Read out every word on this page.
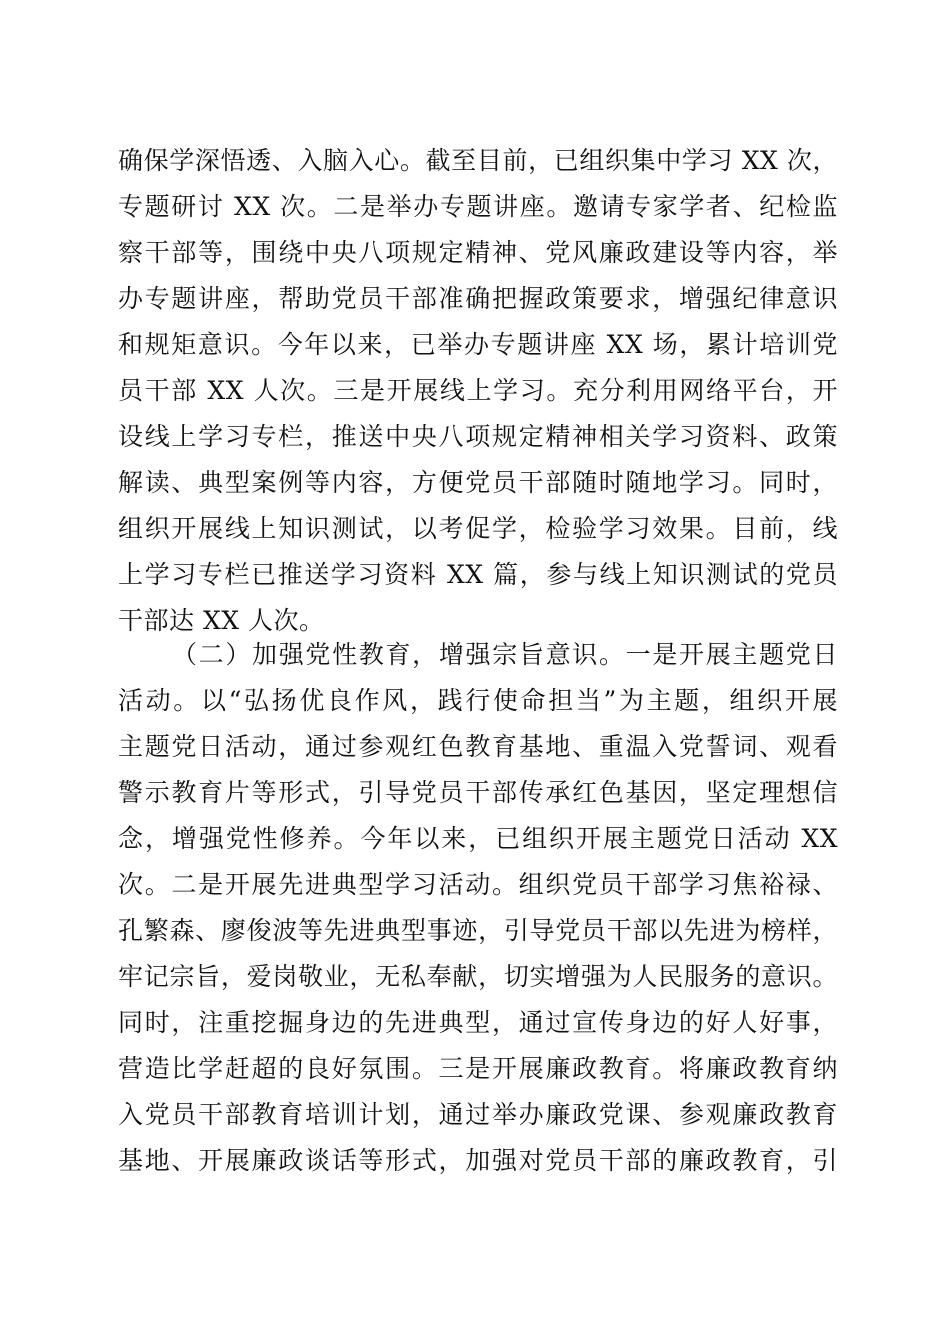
确保学深悟透、入脑入心。截至目前，已组织集中学习 XX 次，
专题研讨 XX 次。二是举办专题讲座。邀请专家学者、纪检监
察干部等，围绕中央八项规定精神、党风廉政建设等内容，举
办专题讲座，帮助党员干部准确把握政策要求，增强纪律意识
和规矩意识。今年以来，已举办专题讲座 XX 场，累计培训党
员干部 XX 人次。三是开展线上学习。充分利用网络平台，开
设线上学习专栏，推送中央八项规定精神相关学习资料、政策
解读、典型案例等内容，方便党员干部随时随地学习。同时，
组织开展线上知识测试，以考促学，检验学习效果。目前，线
上学习专栏已推送学习资料 XX 篇，参与线上知识测试的党员
干部达 XX 人次。
（二）加强党性教育，增强宗旨意识。一是开展主题党日
活动。以“弘扬优良作风，践行使命担当”为主题，组织开展
主题党日活动，通过参观红色教育基地、重温入党誓词、观看
警示教育片等形式，引导党员干部传承红色基因，坚定理想信
念，增强党性修养。今年以来，已组织开展主题党日活动 XX
次。二是开展先进典型学习活动。组织党员干部学习焦裕禄、
孔繁森、廖俊波等先进典型事迹，引导党员干部以先进为榜样，
牢记宗旨，爱岗敬业，无私奉献，切实增强为人民服务的意识。
同时，注重挖掘身边的先进典型，通过宣传身边的好人好事，
营造比学赶超的良好氛围。三是开展廉政教育。将廉政教育纳
入党员干部教育培训计划，通过举办廉政党课、参观廉政教育
基地、开展廉政谈话等形式，加强对党员干部的廉政教育，引
